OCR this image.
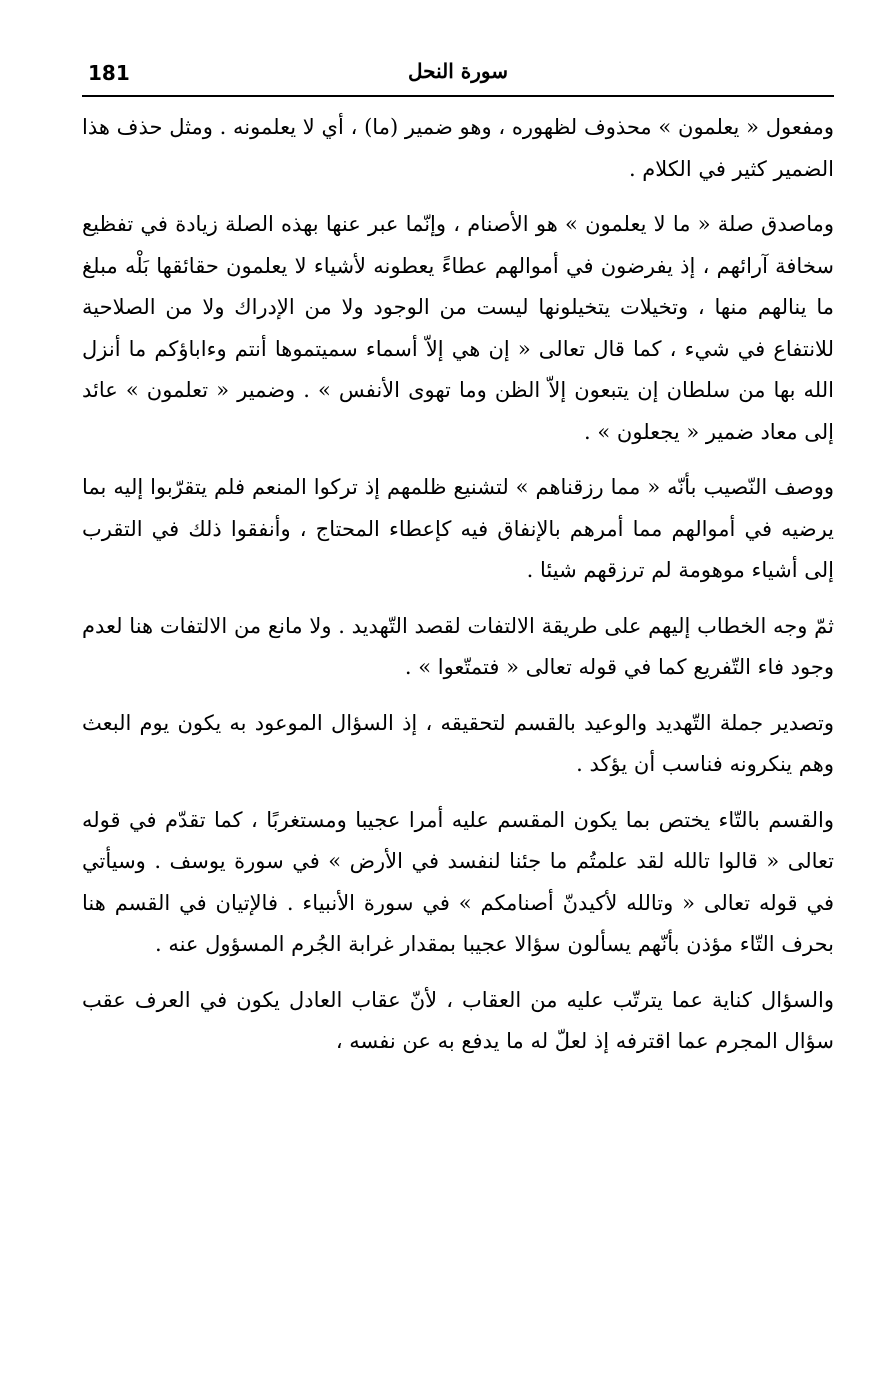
181	سورة النحل

ومفعول « يعلمون » محذوف لظهوره ، وهو ضمير (ما) ، أي لا يعلمونه . ومثل حذف هذا الضمير كثير في الكلام .

وماصدق صلة « ما لا يعلمون » هو الأصنام ، وإنّما عبر عنها بهذه الصلة زيادة في تفظيع سخافة آرائهم ، إذ يفرضون في أموالهم عطاءً يعطونه لأشياء لا يعلمون حقائقها بَلْه مبلغ ما ينالهم منها ، وتخيلات يتخيلونها ليست من الوجود ولا من الإدراك ولا من الصلاحية للانتفاع في شيء ، كما قال تعالى « إن هي إلاّ أسماء سميتموها أنتم وءاباؤكم ما أنزل الله بها من سلطان إن يتبعون إلاّ الظن وما تهوى الأنفس » . وضمير « تعلمون » عائد إلى معاد ضمير « يجعلون » .

ووصف النّصيب بأنّه « مما رزقناهم » لتشنيع ظلمهم إذ تركوا المنعم فلم يتقرّبوا إليه بما يرضيه في أموالهم مما أمرهم بالإنفاق فيه كإعطاء المحتاج ، وأنفقوا ذلك في التقرب إلى أشياء موهومة لم ترزقهم شيئا .

ثمّ وجه الخطاب إليهم على طريقة الالتفات لقصد التّهديد . ولا مانع من الالتفات هنا لعدم وجود فاء التّفريع كما في قوله تعالى « فتمتّعوا » .

وتصدير جملة التّهديد والوعيد بالقسم لتحقيقه ، إذ السؤال الموعود به يكون يوم البعث وهم ينكرونه فناسب أن يؤكد .

والقسم بالتّاء يختص بما يكون المقسم عليه أمرا عجيبا ومستغربًا ، كما تقدّم في قوله تعالى « قالوا تالله لقد علمتُم ما جئنا لنفسد في الأرض » في سورة يوسف . وسيأتي في قوله تعالى « وتالله لأكيدنّ أصنامكم » في سورة الأنبياء . فالإتيان في القسم هنا بحرف التّاء مؤذن بأنّهم يسألون سؤالا عجيبا بمقدار غرابة الجُرم المسؤول عنه .

والسؤال كناية عما يترتّب عليه من العقاب ، لأنّ عقاب العادل يكون في العرف عقب سؤال المجرم عما اقترفه إذ لعلّ له ما يدفع به عن نفسه ،
